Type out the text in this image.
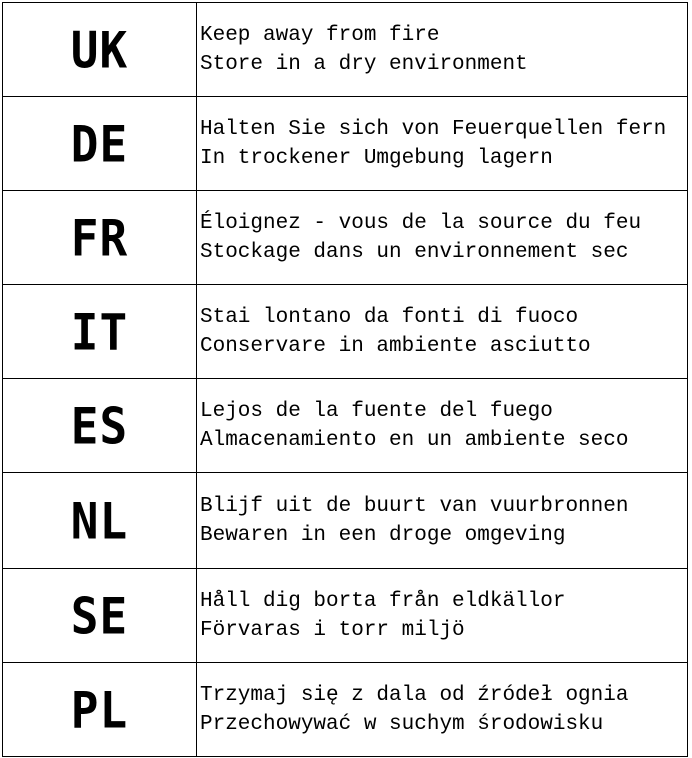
UK	Keep away from fire
Store in a dry environment

DE	Halten Sie sich von Feuerquellen fern
In trockener Umgebung lagern

FR	Éloignez - vous de la source du feu
Stockage dans un environnement sec

IT	Stai lontano da fonti di fuoco
Conservare in ambiente asciutto

ES	Lejos de la fuente del fuego
Almacenamiento en un ambiente seco

NL	Blijf uit de buurt van vuurbronnen
Bewaren in een droge omgeving

SE	Håll dig borta från eldkällor
Förvaras i torr miljö

PL	Trzymaj się z dala od źródeł ognia
Przechowywać w suchym środowisku
